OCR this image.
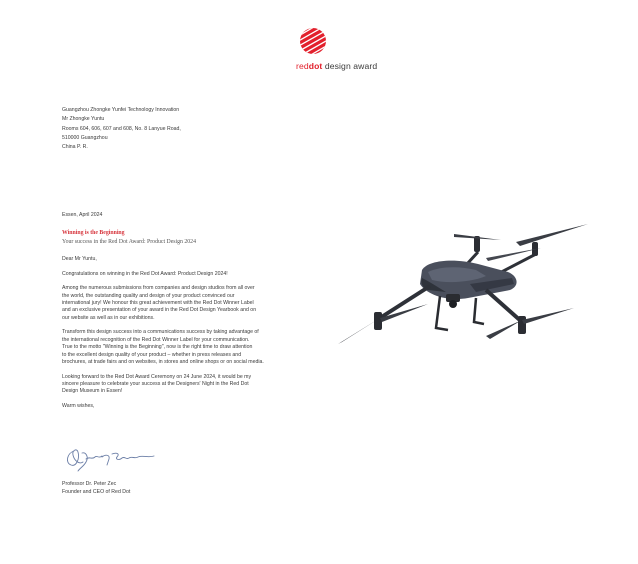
reddot design award
Guangzhou Zhongke Yunfei Technology Innovation
Mr Zhongke Yuntu
Rooms 604, 606, 607 and 608, No. 8 Lanyue Road,
510000 Guangzhou
China P. R.
Essen, April 2024
Winning is the Beginning
Your success in the Red Dot Award: Product Design 2024

Dear Mr Yuntu,

Congratulations on winning in the Red Dot Award: Product Design 2024!

Among the numerous submissions from companies and design studios from all over
the world, the outstanding quality and design of your product convinced our
international jury! We honour this great achievement with the Red Dot Winner Label
and an exclusive presentation of your award in the Red Dot Design Yearbook and on
our website as well as in our exhibitions.

Transform this design success into a communications success by taking advantage of
the international recognition of the Red Dot Winner Label for your communication.
True to the motto "Winning is the Beginning", now is the right time to draw attention
to the excellent design quality of your product – whether in press releases and
brochures, at trade fairs and on websites, in stores and online shops or on social media.

Looking forward to the Red Dot Award Ceremony on 24 June 2024, it would be my
sincere pleasure to celebrate your success at the Designers' Night in the Red Dot
Design Museum in Essen!

Warm wishes,

Professor Dr. Peter Zec
Founder and CEO of Red Dot
